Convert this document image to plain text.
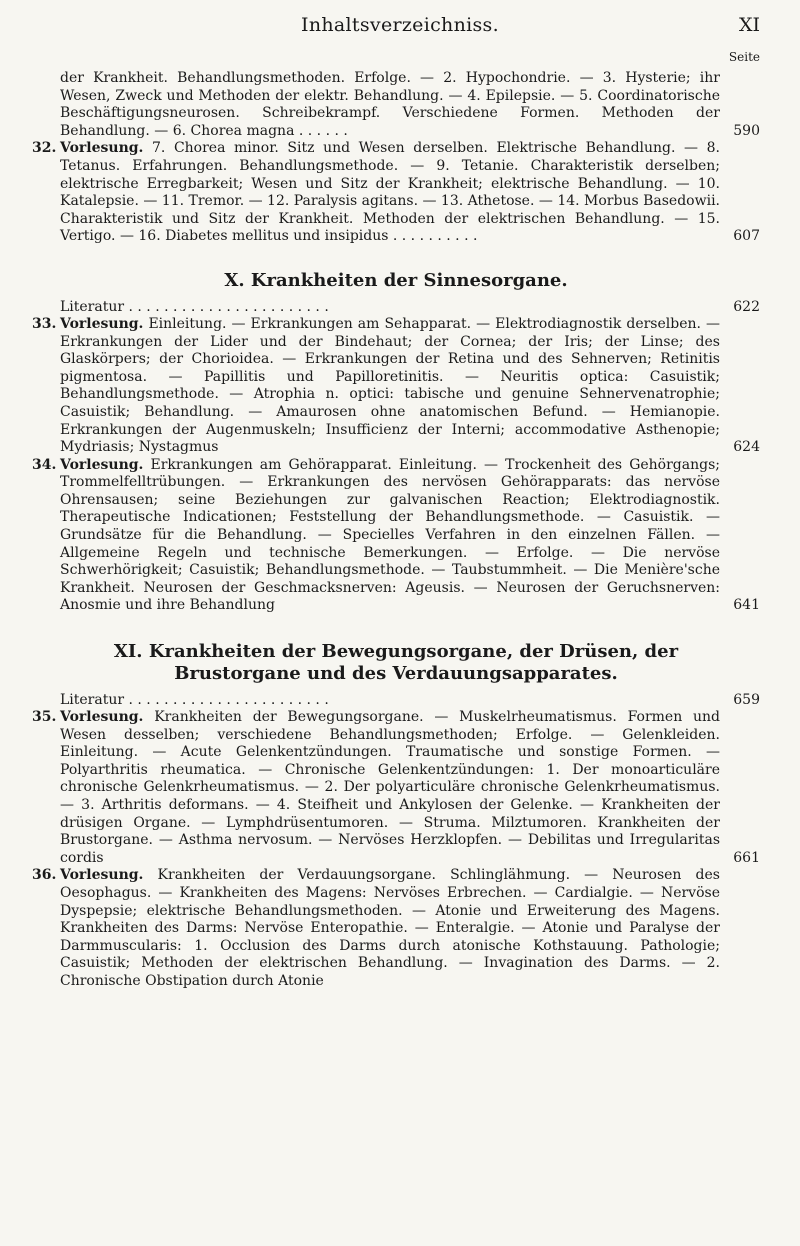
Inhaltsverzeichniss.	XI
Seite

der Krankheit. Behandlungsmethoden. Erfolge. — 2. Hypochondrie. — 3. Hysterie; ihr Wesen, Zweck und Methoden der elektr. Behandlung. — 4. Epilepsie. — 5. Coordinatorische Beschäftigungsneurosen. Schreibekrampf. Verschiedene Formen. Methoden der Behandlung. — 6. Chorea magna . . . . . .	590

32. Vorlesung. 7. Chorea minor. Sitz und Wesen derselben. Elektrische Behandlung. — 8. Tetanus. Erfahrungen. Behandlungsmethode. — 9. Tetanie. Charakteristik derselben; elektrische Erregbarkeit; Wesen und Sitz der Krankheit; elektrische Behandlung. — 10. Katalepsie. — 11. Tremor. — 12. Paralysis agitans. — 13. Athetose. — 14. Morbus Basedowii. Charakteristik und Sitz der Krankheit. Methoden der elektrischen Behandlung. — 15. Vertigo. — 16. Diabetes mellitus und insipidus . . . . . . . . . .	607

X. Krankheiten der Sinnesorgane.

Literatur . . . . . . . . . . . . . . . . . . . . . . .	622

33. Vorlesung. Einleitung. — Erkrankungen am Sehapparat. — Elektrodiagnostik derselben. — Erkrankungen der Lider und der Bindehaut; der Cornea; der Iris; der Linse; des Glaskörpers; der Chorioidea. — Erkrankungen der Retina und des Sehnerven; Retinitis pigmentosa. — Papillitis und Papilloretinitis. — Neuritis optica: Casuistik; Behandlungsmethode. — Atrophia n. optici: tabische und genuine Sehnervenatrophie; Casuistik; Behandlung. — Amaurosen ohne anatomischen Befund. — Hemianopie. Erkrankungen der Augenmuskeln; Insufficienz der Interni; accommodative Asthenopie; Mydriasis; Nystagmus	624

34. Vorlesung. Erkrankungen am Gehörapparat. Einleitung. — Trockenheit des Gehörgangs; Trommelfelltrübungen. — Erkrankungen des nervösen Gehörapparats: das nervöse Ohrensausen; seine Beziehungen zur galvanischen Reaction; Elektrodiagnostik. Therapeutische Indicationen; Feststellung der Behandlungsmethode. — Casuistik. — Grundsätze für die Behandlung. — Specielles Verfahren in den einzelnen Fällen. — Allgemeine Regeln und technische Bemerkungen. — Erfolge. — Die nervöse Schwerhörigkeit; Casuistik; Behandlungsmethode. — Taubstummheit. — Die Menière'sche Krankheit. Neurosen der Geschmacksnerven: Ageusis. — Neurosen der Geruchsnerven: Anosmie und ihre Behandlung	641

XI. Krankheiten der Bewegungsorgane, der Drüsen, der Brustorgane und des Verdauungsapparates.

Literatur . . . . . . . . . . . . . . . . . . . . . . .	659

35. Vorlesung. Krankheiten der Bewegungsorgane. — Muskelrheumatismus. Formen und Wesen desselben; verschiedene Behandlungsmethoden; Erfolge. — Gelenkleiden. Einleitung. — Acute Gelenkentzündungen. Traumatische und sonstige Formen. — Polyarthritis rheumatica. — Chronische Gelenkentzündungen: 1. Der monoarticuläre chronische Gelenkrheumatismus. — 2. Der polyarticuläre chronische Gelenkrheumatismus. — 3. Arthritis deformans. — 4. Steifheit und Ankylosen der Gelenke. — Krankheiten der drüsigen Organe. — Lymphdrüsentumoren. — Struma. Milztumoren. Krankheiten der Brustorgane. — Asthma nervosum. — Nervöses Herzklopfen. — Debilitas und Irregularitas cordis	661

36. Vorlesung. Krankheiten der Verdauungsorgane. Schlinglähmung. — Neurosen des Oesophagus. — Krankheiten des Magens: Nervöses Erbrechen. — Cardialgie. — Nervöse Dyspepsie; elektrische Behandlungsmethoden. — Atonie und Erweiterung des Magens. Krankheiten des Darms: Nervöse Enteropathie. — Enteralgie. — Atonie und Paralyse der Darmmuscularis: 1. Occlusion des Darms durch atonische Kothstauung. Pathologie; Casuistik; Methoden der elektrischen Behandlung. — Invagination des Darms. — 2. Chronische Obstipation durch Atonie
